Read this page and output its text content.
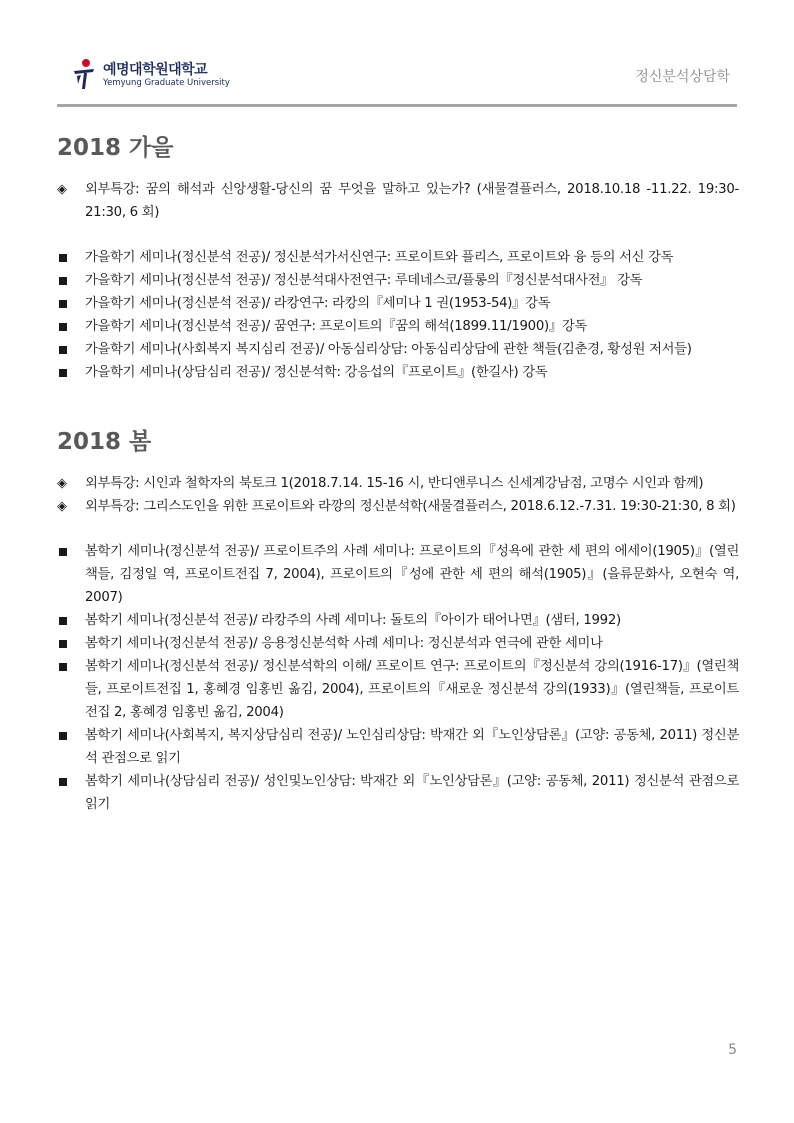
예명대학원대학교
Yemyung Graduate University	정신분석상담학
2018 가을
◈	외부특강: 꿈의 해석과 신앙생활-당신의 꿈 무엇을 말하고 있는가? (새물결플러스, 2018.10.18 -11.22. 19:30-21:30, 6 회)
가을학기 세미나(정신분석 전공)/ 정신분석가서신연구: 프로이트와 플리스, 프로이트와 융 등의 서신 강독
가을학기 세미나(정신분석 전공)/ 정신분석대사전연구: 루데네스코/플롱의『정신분석대사전』 강독
가을학기 세미나(정신분석 전공)/ 라캉연구: 라캉의『세미나 1 권(1953-54)』강독
가을학기 세미나(정신분석 전공)/ 꿈연구: 프로이트의『꿈의 해석(1899.11/1900)』강독
가을학기 세미나(사회복지 복지심리 전공)/ 아동심리상담: 아동심리상담에 관한 책들(김춘경, 황성원 저서들)
가을학기 세미나(상담심리 전공)/ 정신분석학: 강응섭의『프로이트』(한길사) 강독
2018 봄
◈	외부특강: 시인과 철학자의 북토크 1(2018.7.14. 15-16 시, 반디앤루니스 신세계강남점, 고명수 시인과 함께)
◈	외부특강: 그리스도인을 위한 프로이트와 라깡의 정신분석학(새물결플러스, 2018.6.12.-7.31. 19:30-21:30, 8 회)
봄학기 세미나(정신분석 전공)/ 프로이트주의 사례 세미나: 프로이트의『성욕에 관한 세 편의 에세이(1905)』(열린책들, 김정일 역, 프로이트전집 7, 2004), 프로이트의『성에 관한 세 편의 해석(1905)』(을류문화사, 오현숙 역, 2007)
봄학기 세미나(정신분석 전공)/ 라캉주의 사례 세미나: 돌토의『아이가 태어나면』(샘터, 1992)
봄학기 세미나(정신분석 전공)/ 응용정신분석학 사례 세미나: 정신분석과 연극에 관한 세미나
봄학기 세미나(정신분석 전공)/ 정신분석학의 이해/ 프로이트 연구: 프로이트의『정신분석 강의(1916-17)』(열린책들, 프로이트전집 1, 홍혜경 임홍빈 옮김, 2004), 프로이트의『새로운 정신분석 강의(1933)』(열린책들, 프로이트전집 2, 홍혜경 임홍빈 옮김, 2004)
봄학기 세미나(사회복지, 복지상담심리 전공)/ 노인심리상담: 박재간 외『노인상담론』(고양: 공동체, 2011) 정신분석 관점으로 읽기
봄학기 세미나(상담심리 전공)/ 성인및노인상담: 박재간 외『노인상담론』(고양: 공동체, 2011) 정신분석 관점으로 읽기
5
